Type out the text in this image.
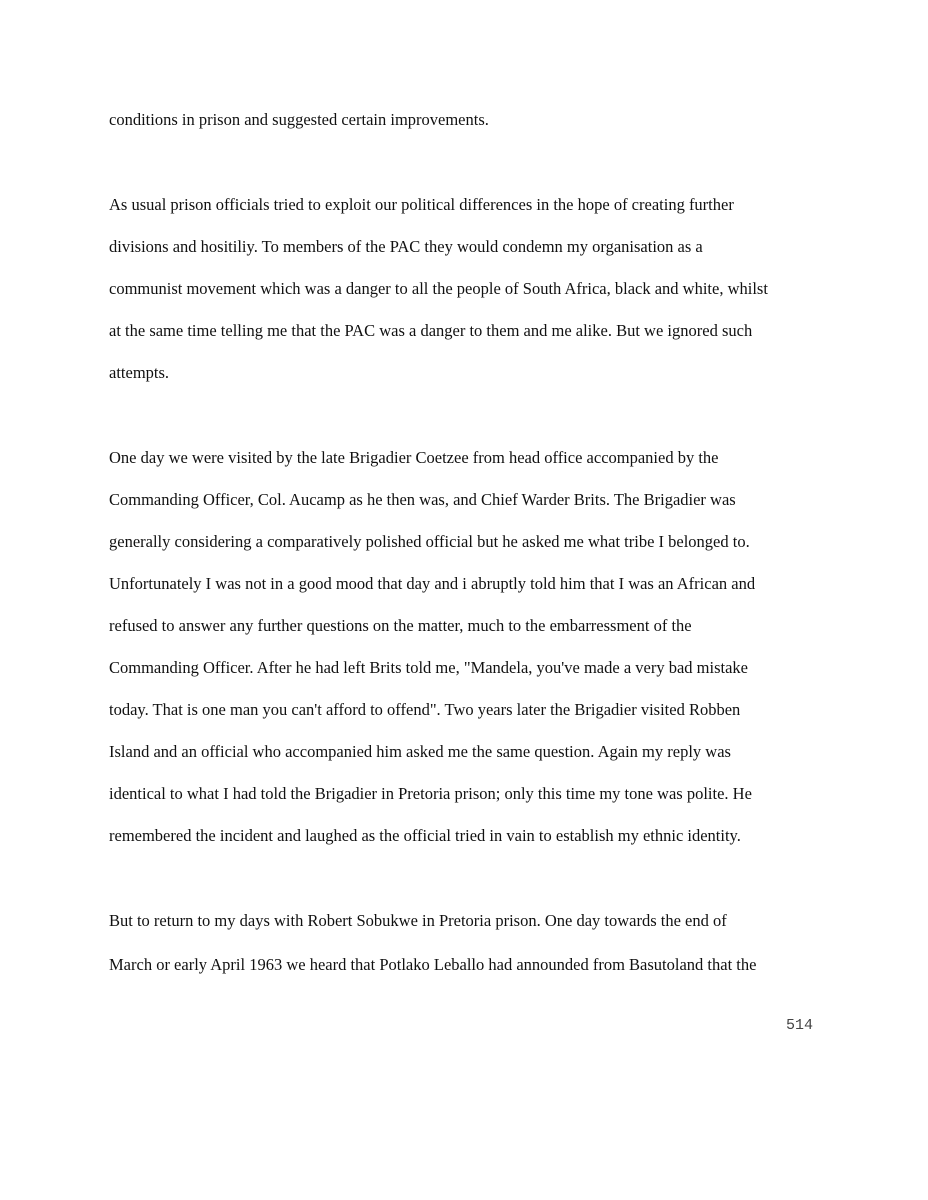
conditions in prison and suggested certain improvements.
As usual prison officials tried to exploit our political differences in the hope of creating further
divisions and hositiliy. To members of the PAC they would condemn my organisation as a
communist movement which was a danger to all the people of South Africa, black and white, whilst
at the same time telling me that the PAC was a danger to them and me alike. But we ignored such
attempts.
One day we were visited by the late Brigadier Coetzee from head office accompanied by the
Commanding Officer, Col. Aucamp as he then was, and Chief Warder Brits. The Brigadier was
generally considering a comparatively polished official but he asked me what tribe I belonged to.
Unfortunately I was not in a good mood that day and i abruptly told him that I was an African and
refused to answer any further questions on the matter, much to the embarressment of the
Commanding Officer. After he had left Brits told me, "Mandela, you've made a very bad mistake
today. That is one man you can't afford to offend". Two years later the Brigadier visited Robben
Island and an official who accompanied him asked me the same question. Again my reply was
identical to what I had told the Brigadier in Pretoria prison; only this time my tone was polite. He
remembered the incident and laughed as the official tried in vain to establish my ethnic identity.
But to return to my days with Robert Sobukwe in Pretoria prison. One day towards the end of
March or early April 1963 we heard that Potlako Leballo had announded from Basutoland that the
514
